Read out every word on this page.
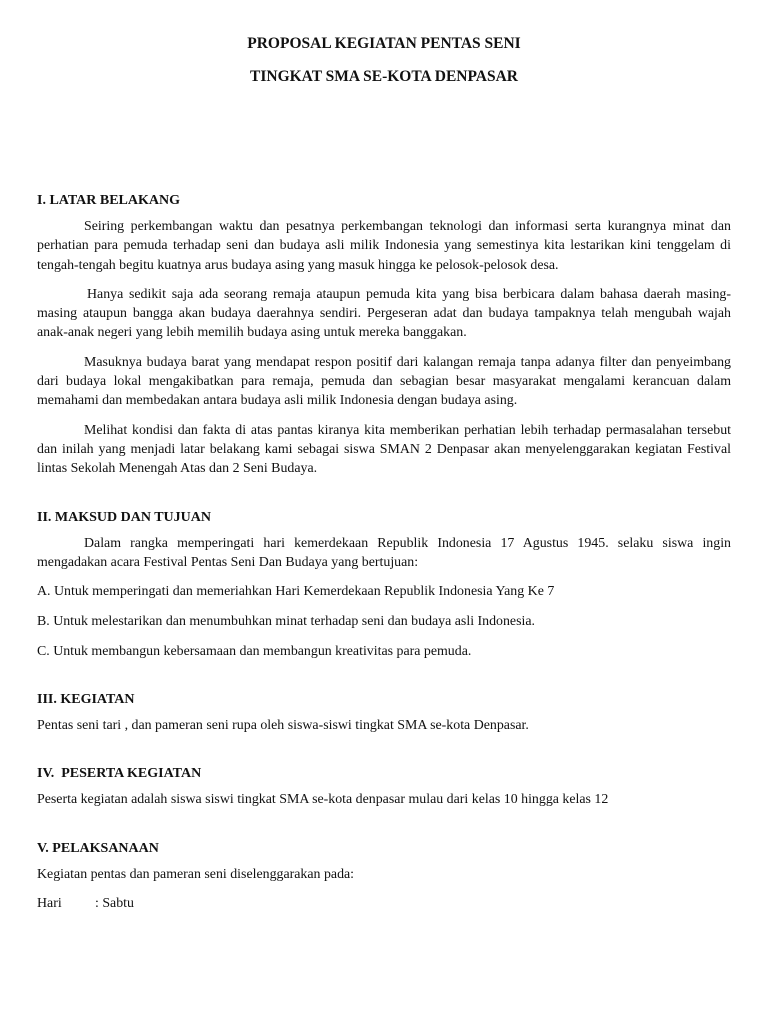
PROPOSAL KEGIATAN PENTAS SENI
TINGKAT SMA SE-KOTA DENPASAR
I. LATAR BELAKANG

Seiring perkembangan waktu dan pesatnya perkembangan teknologi dan informasi serta kurangnya minat dan perhatian para pemuda terhadap seni dan budaya asli milik Indonesia yang semestinya kita lestarikan kini tenggelam di tengah-tengah begitu kuatnya arus budaya asing yang masuk hingga ke pelosok-pelosok desa.

Hanya sedikit saja ada seorang remaja ataupun pemuda kita yang bisa berbicara dalam bahasa daerah masing- masing ataupun bangga akan budaya daerahnya sendiri. Pergeseran adat dan budaya tampaknya telah mengubah wajah anak-anak negeri yang lebih memilih budaya asing untuk mereka banggakan.

Masuknya budaya barat yang mendapat respon positif dari kalangan remaja tanpa adanya filter dan penyeimbang dari budaya lokal mengakibatkan para remaja, pemuda dan sebagian besar masyarakat mengalami kerancuan dalam memahami dan membedakan antara budaya asli milik Indonesia dengan budaya asing.

Melihat kondisi dan fakta di atas pantas kiranya kita memberikan perhatian lebih terhadap permasalahan tersebut dan inilah yang menjadi latar belakang kami sebagai siswa SMAN 2 Denpasar akan menyelenggarakan kegiatan Festival lintas Sekolah Menengah Atas dan 2 Seni Budaya.

II. MAKSUD DAN TUJUAN

Dalam rangka memperingati hari kemerdekaan Republik Indonesia 17 Agustus 1945. selaku siswa ingin mengadakan acara Festival Pentas Seni Dan Budaya yang bertujuan:

A. Untuk memperingati dan memeriahkan Hari Kemerdekaan Republik Indonesia Yang Ke 7

B. Untuk melestarikan dan menumbuhkan minat terhadap seni dan budaya asli Indonesia.

C. Untuk membangun kebersamaan dan membangun kreativitas para pemuda.

III. KEGIATAN

Pentas seni tari , dan pameran seni rupa oleh siswa-siswi tingkat SMA se-kota Denpasar.

IV.  PESERTA KEGIATAN

Peserta kegiatan adalah siswa siswi tingkat SMA se-kota denpasar mulau dari kelas 10 hingga kelas 12

V. PELAKSANAAN

Kegiatan pentas dan pameran seni diselenggarakan pada:

Hari	: Sabtu
